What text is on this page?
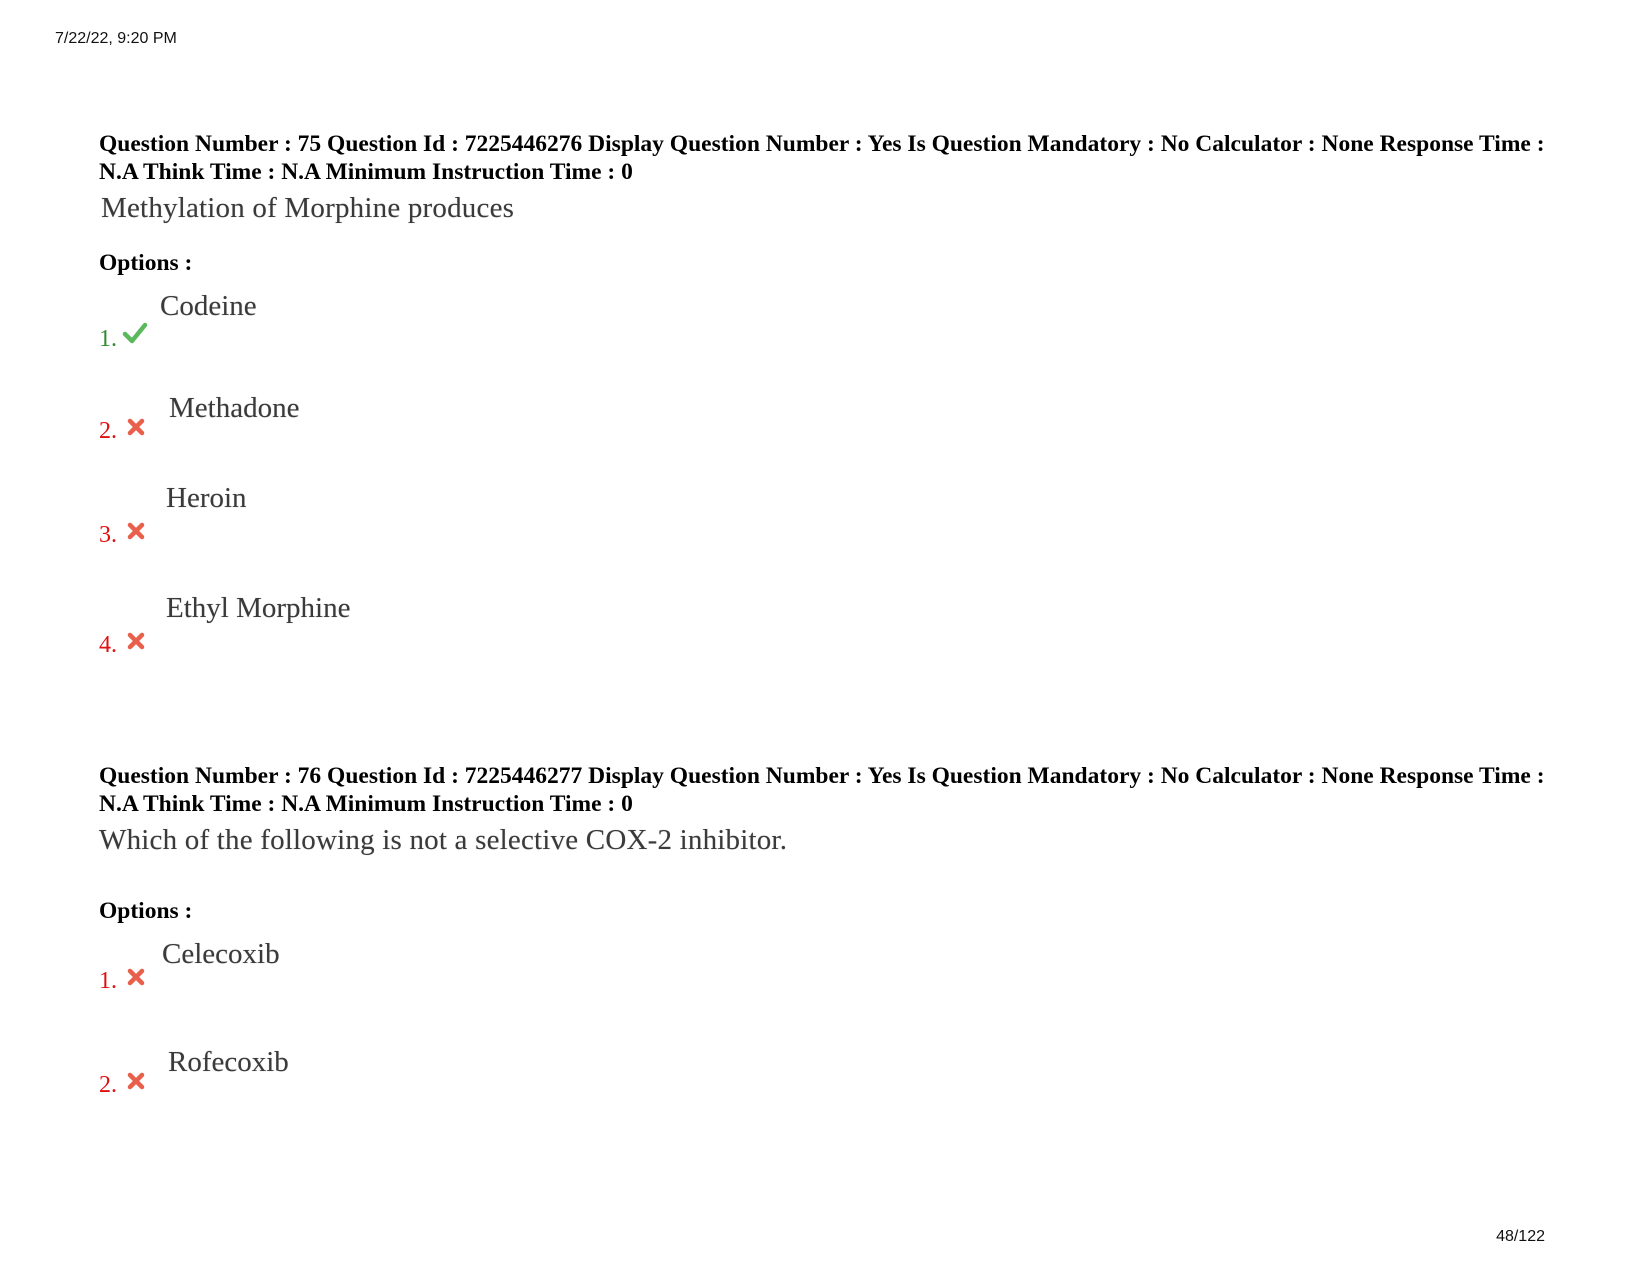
7/22/22, 9:20 PM
Question Number : 75 Question Id : 7225446276 Display Question Number : Yes Is Question Mandatory : No Calculator : None Response Time : N.A Think Time : N.A Minimum Instruction Time : 0
Methylation of Morphine produces
Options :
Codeine
1.
Methadone
2.
Heroin
3.
Ethyl Morphine
4.
Question Number : 76 Question Id : 7225446277 Display Question Number : Yes Is Question Mandatory : No Calculator : None Response Time : N.A Think Time : N.A Minimum Instruction Time : 0
Which of the following is not a selective COX-2 inhibitor.
Options :
Celecoxib
1.
Rofecoxib
2.
48/122
